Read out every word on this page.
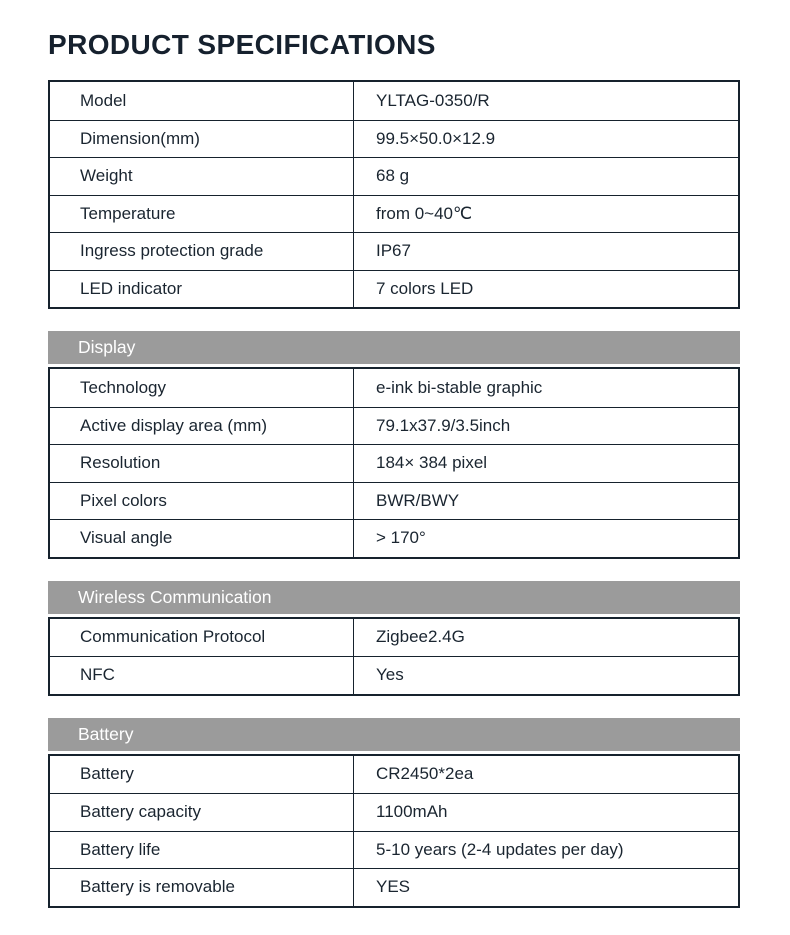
PRODUCT SPECIFICATIONS
Model	YLTAG-0350/R
Dimension(mm)	99.5×50.0×12.9
Weight	68 g
Temperature	from 0~40℃
Ingress protection grade	IP67
LED indicator	7 colors LED
Display
Technology	e-ink bi-stable graphic
Active display area (mm)	79.1x37.9/3.5inch
Resolution	184× 384 pixel
Pixel colors	BWR/BWY
Visual angle	> 170°
Wireless Communication
Communication Protocol	Zigbee2.4G
NFC	Yes
Battery
Battery	CR2450*2ea
Battery capacity	1100mAh
Battery life	5-10 years (2-4 updates per day)
Battery is removable	YES
